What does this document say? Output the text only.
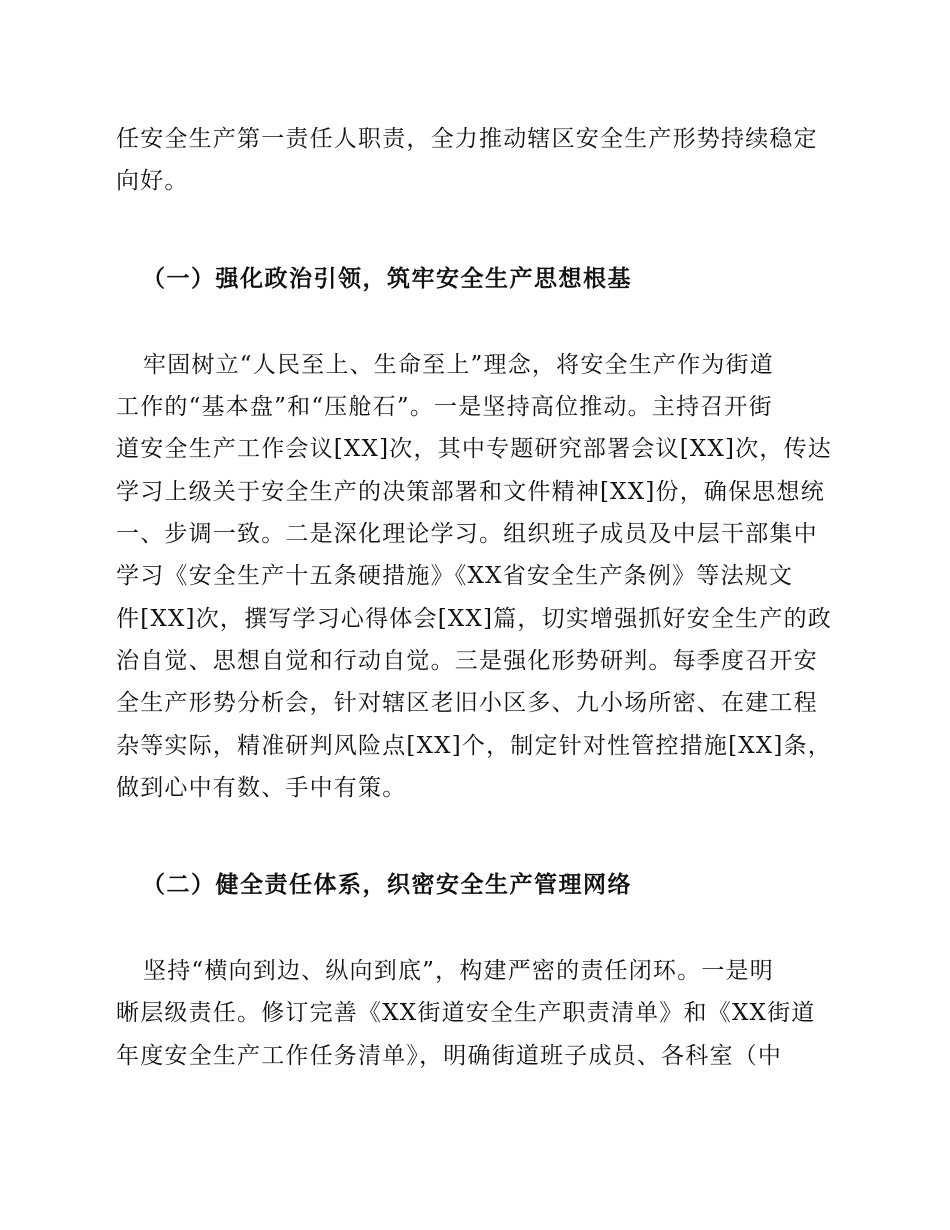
任安全生产第一责任人职责，全力推动辖区安全生产形势持续稳定
向好。
（一）强化政治引领，筑牢安全生产思想根基
牢固树立“人民至上、生命至上”理念，将安全生产作为街道
工作的“基本盘”和“压舱石”。一是坚持高位推动。主持召开街
道安全生产工作会议[XX]次，其中专题研究部署会议[XX]次，传达
学习上级关于安全生产的决策部署和文件精神[XX]份，确保思想统
一、步调一致。二是深化理论学习。组织班子成员及中层干部集中
学习《安全生产十五条硬措施》《XX省安全生产条例》等法规文
件[XX]次，撰写学习心得体会[XX]篇，切实增强抓好安全生产的政
治自觉、思想自觉和行动自觉。三是强化形势研判。每季度召开安
全生产形势分析会，针对辖区老旧小区多、九小场所密、在建工程
杂等实际，精准研判风险点[XX]个，制定针对性管控措施[XX]条，
做到心中有数、手中有策。
（二）健全责任体系，织密安全生产管理网络
坚持“横向到边、纵向到底”，构建严密的责任闭环。一是明
晰层级责任。修订完善《XX街道安全生产职责清单》和《XX街道
年度安全生产工作任务清单》，明确街道班子成员、各科室（中
